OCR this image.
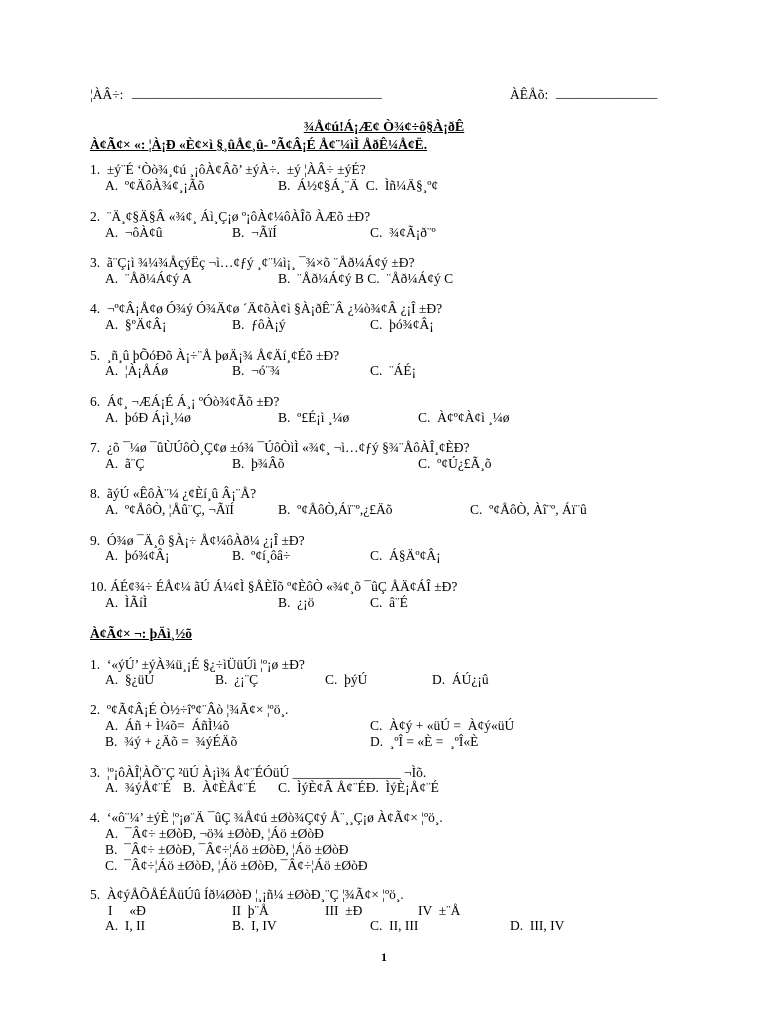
¦ÀÂ÷: _____________________________________	ÀÊÅõ: _______________
¾Å¢ú!Á¡Æ¢ Ò¾¢÷ô§À¡ðÊ
À¢Ã¢× «: ¦À¡Ð «È¢×ì §¸ûÅ¢¸û- ºÃ¢Â¡É Å¢¨¼ìÌ ÅðÊ¼Å¢Ë.
1.  ±ý¨É ‘Òò¾¸¢ú ¸¡ôÀ¢Âõ’ ±ýÀ÷.  ±ý ¦ÀÂ÷ ±ýÉ?
A.  º¢ÄôÀ¾¢¸¡Ãõ	B.  Á½¢§Á¸¨Ä  C.  Ìñ¼Ä§¸º¢
2.  ¨Ä¸¢§Ä§Â «¾¢¸ Áì¸Ç¡ø º¡ôÀ¢¼ôÀÎõ ÀÆõ ±Ð?
A.  ¬ôÀ¢û	B.  ¬ÃïÍ	C.  ¾¢Ã¡ð¨º
3.  ã¨Ç¡ì ¾¼¾ÅçýËç ¬ì…¢ƒý ¸¢¨¼ì¡¸ ¯¾×õ ¨Åð¼Á¢ý ±Ð?
A.  ¨Åð¼Á¢ý A	B.  ¨Åð¼Á¢ý B C.  ¨Åð¼Á¢ý C
4.  ¬º¢Â¡Å¢ø Ó¾ý Ó¾Ä¢ø ´Ä¢õÀ¢ì §À¡ðÊ¨Â ¿¼ò¾¢Â ¿¡Î ±Ð?
A.  §ºÄ¢Â¡	B.  ƒôÀ¡ý	C.  þó¾¢Â¡
5.  ¸ñ¸û þÕóÐõ À¡÷¨Å þøÄ¡¾ Å¢Äí¸¢Éõ ±Ð?
A.  ¦À¡ÅÁø	B.  ¬ó¨¾	C.  ¨ÁÉ¡
6.  Á¢¸ ¬ÆÁ¡É Á¸¡ ºÓò¾¢Ãõ ±Ð?
A.  þóÐ Á¡ì¸¼ø	B.  º£É¡ì ¸¼ø	C.  À¢º¢À¢ì ¸¼ø
7.  ¿õ ¯¼ø ¯ûÙÚôÒ¸Ç¢ø ±ó¾ ¯ÚôÒìÌ «¾¢¸ ¬ì…¢ƒý §¾¨ÅôÀÎ¸¢ÈÐ?
A.  ã¨Ç	B.  þ¾Âõ	C.  º¢Ú¿£Ã¸õ
8.  ãýÚ «ÊôÀ¨¼ ¿¢Èí¸û Â¡¨Å?
A.  º¢ÅôÒ, ¦Åû¨Ç, ¬ÃïÍ	B.  º¢ÅôÒ,Áï¨º,¿£Äõ	C.  º¢ÅôÒ, Àî¨º, Áï¨û
9.  Ó¾ø ¯Ä¸ô §À¡÷ Å¢¼ôÀð¼ ¿¡Î ±Ð?
A.  þó¾¢Â¡	B.  º¢í¸ôâ÷	C.  Á§Äº¢Â¡
10. ÁÉ¢¾÷ ÉÅ¢¼ ãÚ Á¼¢Ì §ÅÈÏõ º¢ÈôÒ «¾¢¸õ ¯ûÇ ÅÄ¢ÁÎ ±Ð?
A.  ÌÃíÌ	B.  ¿¡ö	C.  â¨É
À¢Ã¢× ¬: þÄì¸½õ
1.  ‘«ýÚ’ ±ýÀ¾ü¸¡É §¿÷ìÜüÚì ¦º¡ø ±Ð?
A.  §¿üÚ	B.  ¿¡¨Ç	C.  þýÚ	D.  ÁÚ¿¡û
2.  º¢Ã¢Â¡É Ò½÷îº¢¨Âò ¦¾Ã¢× ¦ºö¸.
A.  Áñ + Ì¼õ=  ÁñÌ¼õ
B.  ¾ý + ¿Äõ =  ¾ýÉÄõ
C.  À¢ý + «üÚ =  À¢ý«üÚ
D.  ¸ºÎ = «È =  ¸ºÎ«È
3.  ¦º¡ôÀÎ¦ÀÕ¨Ç ²üÚ À¡ì¾ Å¢¨ÉÓüÚ ________________ ¬Ìõ.
A.  ¾ýÅ¢¨É B.  À¢ÈÅ¢¨É C.  ÌýÈ¢Â Å¢¨ÉÐ.  ÌýÈ¡Å¢¨É
4.  ‘«ô¨¼’ ±ýÈ ¦º¡ø¨Ä ¯ûÇ ¾Å¢ú ±Øò¾Ç¢ý Å¨¸¸Ç¡ø À¢Ã¢× ¦ºö¸.
A.  ¯Â¢÷ ±ØòÐ, ¬ö¾ ±ØòÐ, ¦Áö ±ØòÐ
B.  ¯Â¢÷ ±ØòÐ, ¯Â¢÷¦Áö ±ØòÐ, ¦Áö ±ØòÐ
C.  ¯Â¢÷¦Áö ±ØòÐ, ¦Áö ±ØòÐ, ¯Â¢÷¦Áö ±ØòÐ
5.  À¢ýÅÕÅÉÅüÚû Íð¼ØòÐ ¦¸¡ñ¼ ±ØòÐ¸¨Ç ¦¾Ã¢× ¦ºö¸.
I     «Ð	II  þ¨Å	III  ±Ð	IV  ±¨Å
A.  I, II	B.  I, IV	C.  II, III	D.  III, IV
1
